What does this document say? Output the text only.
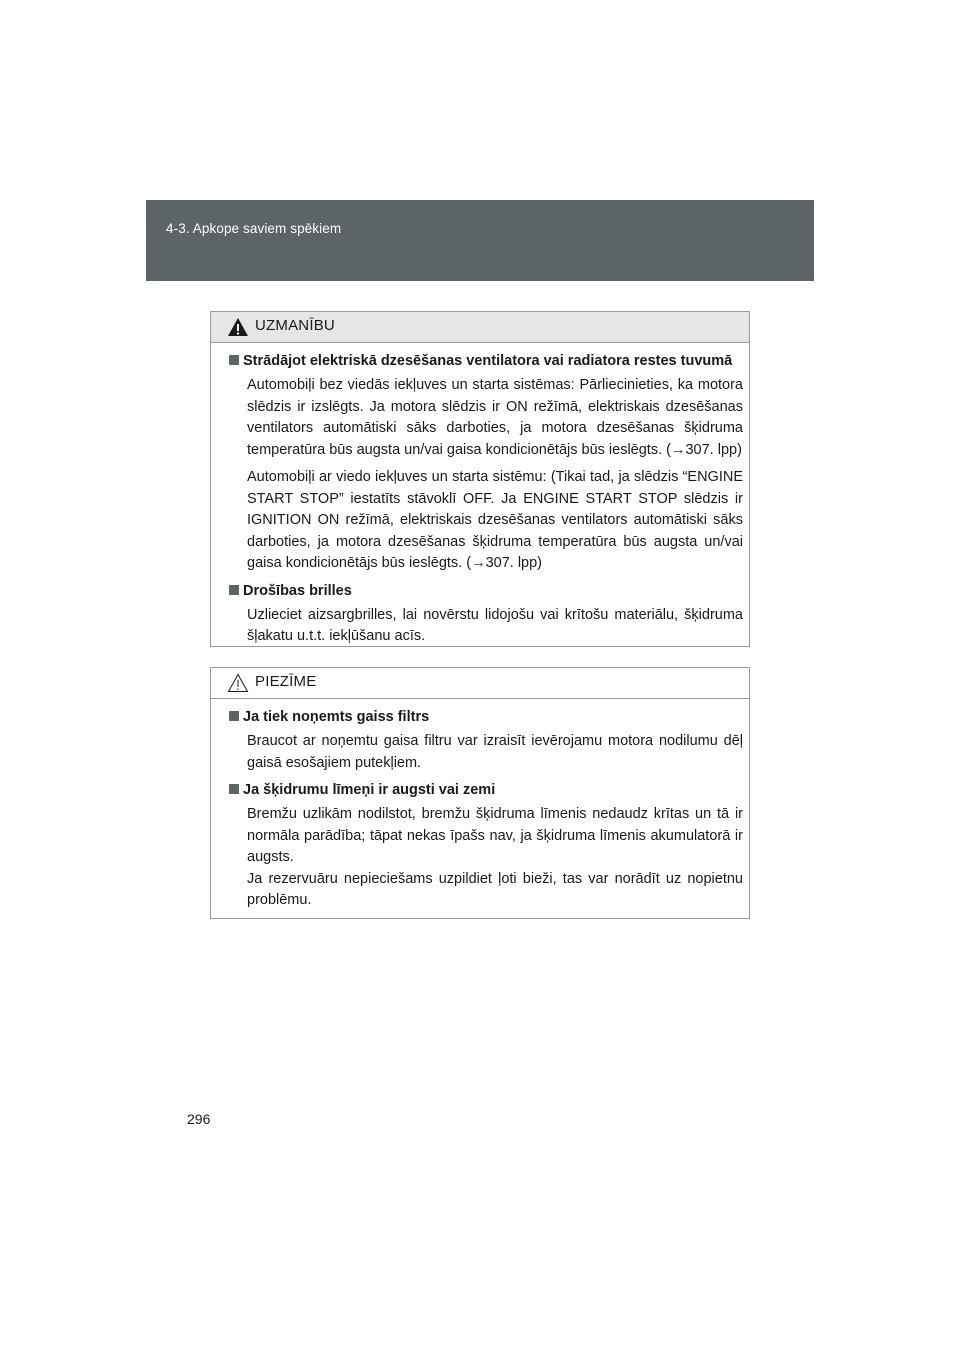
4-3. Apkope saviem spēkiem
UZMANĪBU
Strādājot elektriskā dzesēšanas ventilatora vai radiatora restes tuvumā

Automobiļi bez viedās iekļuves un starta sistēmas: Pārliecinieties, ka motora slēdzis ir izslēgts. Ja motora slēdzis ir ON režīmā, elektriskais dzesēšanas ventilators automātiski sāks darboties, ja motora dzesēšanas šķidruma temperatūra būs augsta un/vai gaisa kondicionētājs būs ieslēgts. (→307. lpp)

Automobiļi ar viedo iekļuves un starta sistēmu: (Tikai tad, ja slēdzis “ENGINE START STOP” iestatīts stāvoklī OFF. Ja ENGINE START STOP slēdzis ir IGNITION ON režīmā, elektriskais dzesēšanas ventilators automātiski sāks darboties, ja motora dzesēšanas šķidruma temperatūra būs augsta un/vai gaisa kondicionētājs būs ieslēgts. (→307. lpp)

Drošības brilles

Uzlieciet aizsargbrilles, lai novērstu lidojošu vai krītošu materiālu, šķidruma šļakatu u.t.t. iekļūšanu acīs.

PIEZĪME
Ja tiek noņemts gaiss filtrs

Braucot ar noņemtu gaisa filtru var izraisīt ievērojamu motora nodilumu dēļ gaisā esošajiem putekļiem.

Ja šķidrumu līmeņi ir augsti vai zemi

Bremžu uzlikām nodilstot, bremžu šķidruma līmenis nedaudz krītas un tā ir normāla parādība; tāpat nekas īpašs nav, ja šķidruma līmenis akumulatorā ir augsts.

Ja rezervuāru nepieciešams uzpildiet ļoti bieži, tas var norādīt uz nopietnu problēmu.

296
